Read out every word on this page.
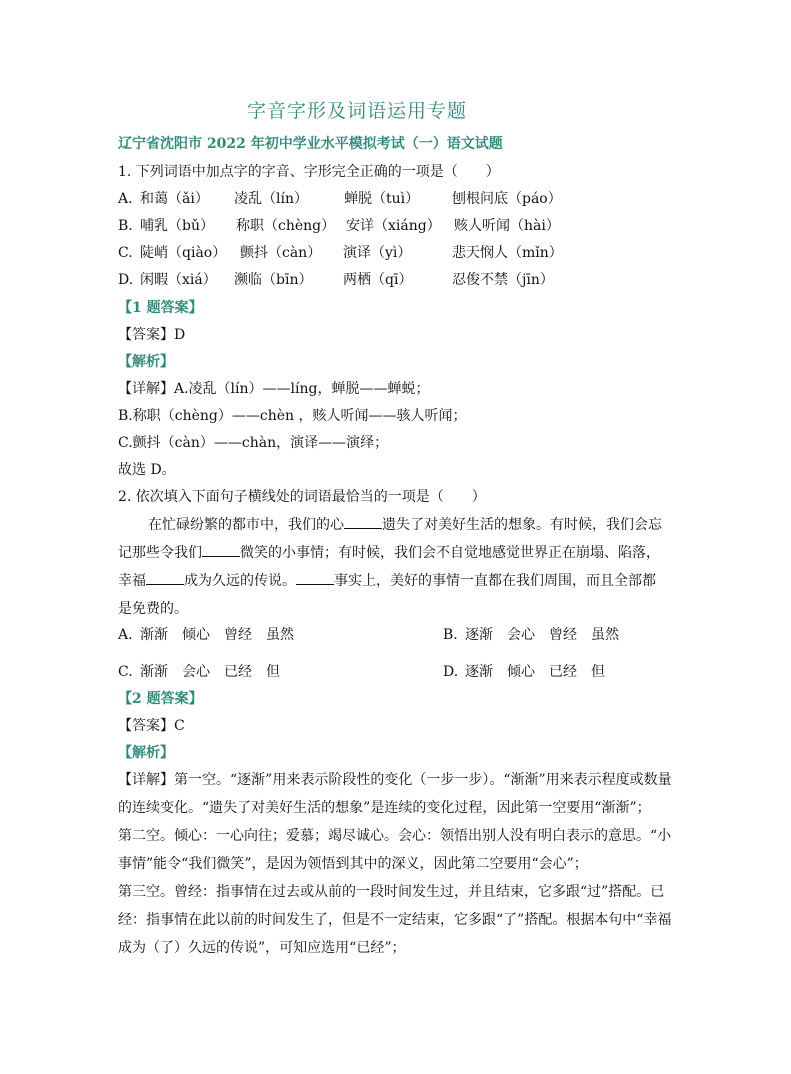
字音字形及词语运用专题
辽宁省沈阳市 2022 年初中学业水平模拟考试（一）语文试题
1. 下列词语中加点字的字音、字形完全正确的一项是（　　）
A. 和蔼（ǎi） 凌乱（lín）	蝉脱（tuì） 刨根问底（páo）
B. 哺乳（bǔ） 称职（chèng） 安详（xiáng） 赅人听闻（hài）
C. 陡峭（qiào） 颤抖（càn） 演译（yì）	悲天悯人（mǐn）
D. 闲暇（xiá） 濒临（bīn） 两栖（qī）	忍俊不禁（jīn）
【1 题答案】
【答案】D
【解析】
【详解】A.凌乱（lín）——líng，蝉脱——蝉蜕；
B.称职（chèng）——chèn ，赅人听闻——骇人听闻；
C.颤抖（càn）——chàn，演译——演绎；
故选 D。
2. 依次填入下面句子横线处的词语最恰当的一项是（　　）
在忙碌纷繁的都市中，我们的心	遗失了对美好生活的想象。有时候，我们会忘
记那些令我们	微笑的小事情；有时候，我们会不自觉地感觉世界正在崩塌、陷落，
幸福	成为久远的传说。	事实上，美好的事情一直都在我们周围，而且全部都
是免费的。
A. 渐渐　倾心　曾经　虽然	B. 逐渐　会心　曾经　虽然
C. 渐渐　会心　已经　但	D. 逐渐　倾心　已经　但
【2 题答案】
【答案】C
【解析】
【详解】第一空。“逐渐”用来表示阶段性的变化（一步一步）。“渐渐”用来表示程度或数量
的连续变化。“遗失了对美好生活的想象”是连续的变化过程，因此第一空要用“渐渐”；
第二空。倾心：一心向往；爱慕；竭尽诚心。会心：领悟出别人没有明白表示的意思。“小
事情”能令“我们微笑”，是因为领悟到其中的深义，因此第二空要用“会心”；
第三空。曾经：指事情在过去或从前的一段时间发生过，并且结束，它多跟“过”搭配。已
经：指事情在此以前的时间发生了，但是不一定结束，它多跟“了”搭配。根据本句中“幸福
成为（了）久远的传说”，可知应选用“已经”；
